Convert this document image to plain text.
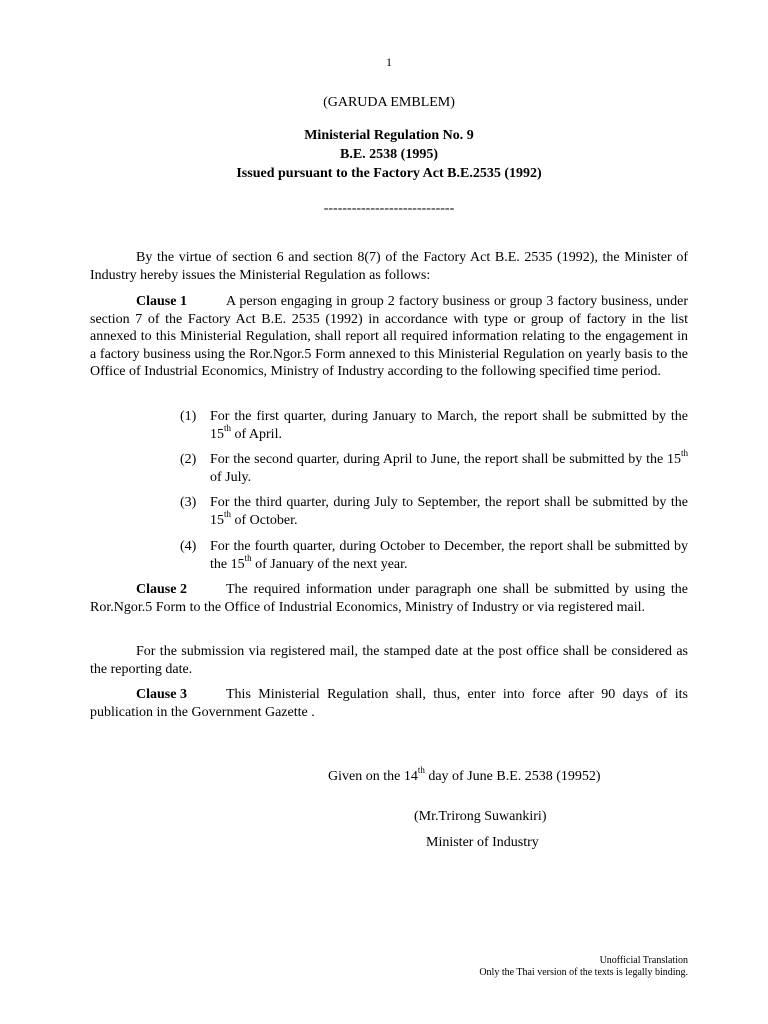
1
(GARUDA EMBLEM)
Ministerial Regulation No. 9
B.E. 2538 (1995)
Issued pursuant to the Factory Act B.E.2535 (1992)
----------------------------
By the virtue of section 6 and section 8(7) of the Factory Act B.E. 2535 (1992), the Minister of Industry hereby issues the Ministerial Regulation as follows:
Clause 1	A person engaging in group 2 factory business or group 3 factory business, under section 7 of the Factory Act B.E. 2535 (1992) in accordance with type or group of factory in the list annexed to this Ministerial Regulation, shall report all required information relating to the engagement in a factory business using the Ror.Ngor.5 Form annexed to this Ministerial Regulation on yearly basis to the Office of Industrial Economics, Ministry of Industry according to the following specified time period.
(1) For the first quarter, during January to March, the report shall be submitted by the 15th of April.
(2) For the second quarter, during April to June, the report shall be submitted by the 15th of July.
(3) For the third quarter, during July to September, the report shall be submitted by the 15th of October.
(4) For the fourth quarter, during October to December, the report shall be submitted by the 15th of January of the next year.
Clause 2	The required information under paragraph one shall be submitted by using the Ror.Ngor.5 Form to the Office of Industrial Economics, Ministry of Industry or via registered mail.
For the submission via registered mail, the stamped date at the post office shall be considered as the reporting date.
Clause 3	This Ministerial Regulation shall, thus, enter into force after 90 days of its publication in the Government Gazette .
Given on the 14th day of June B.E. 2538 (19952)
(Mr.Trirong Suwankiri)
Minister of Industry
Unofficial Translation
Only the Thai version of the texts is legally binding.
